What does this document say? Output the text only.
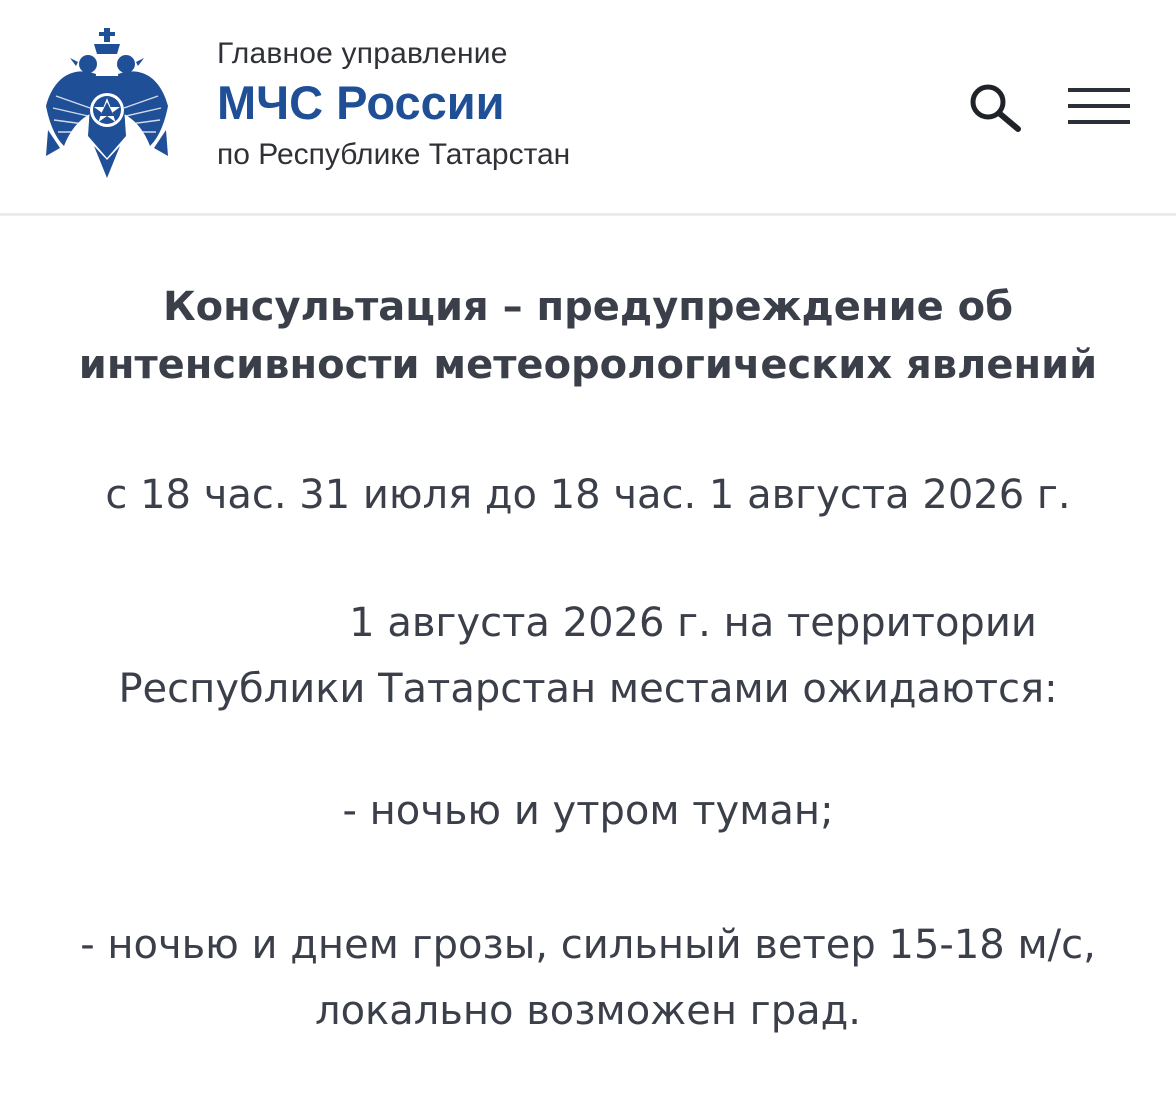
Главное управление
МЧС России
по Республике Татарстан
Консультация – предупреждение об интенсивности метеорологических явлений
с 18 час. 31 июля до 18 час. 1 августа 2026 г.
1 августа 2026 г. на территории Республики Татарстан местами ожидаются:
- ночью и утром туман;
- ночью и днем грозы, сильный ветер 15-18 м/с, локально возможен град.
